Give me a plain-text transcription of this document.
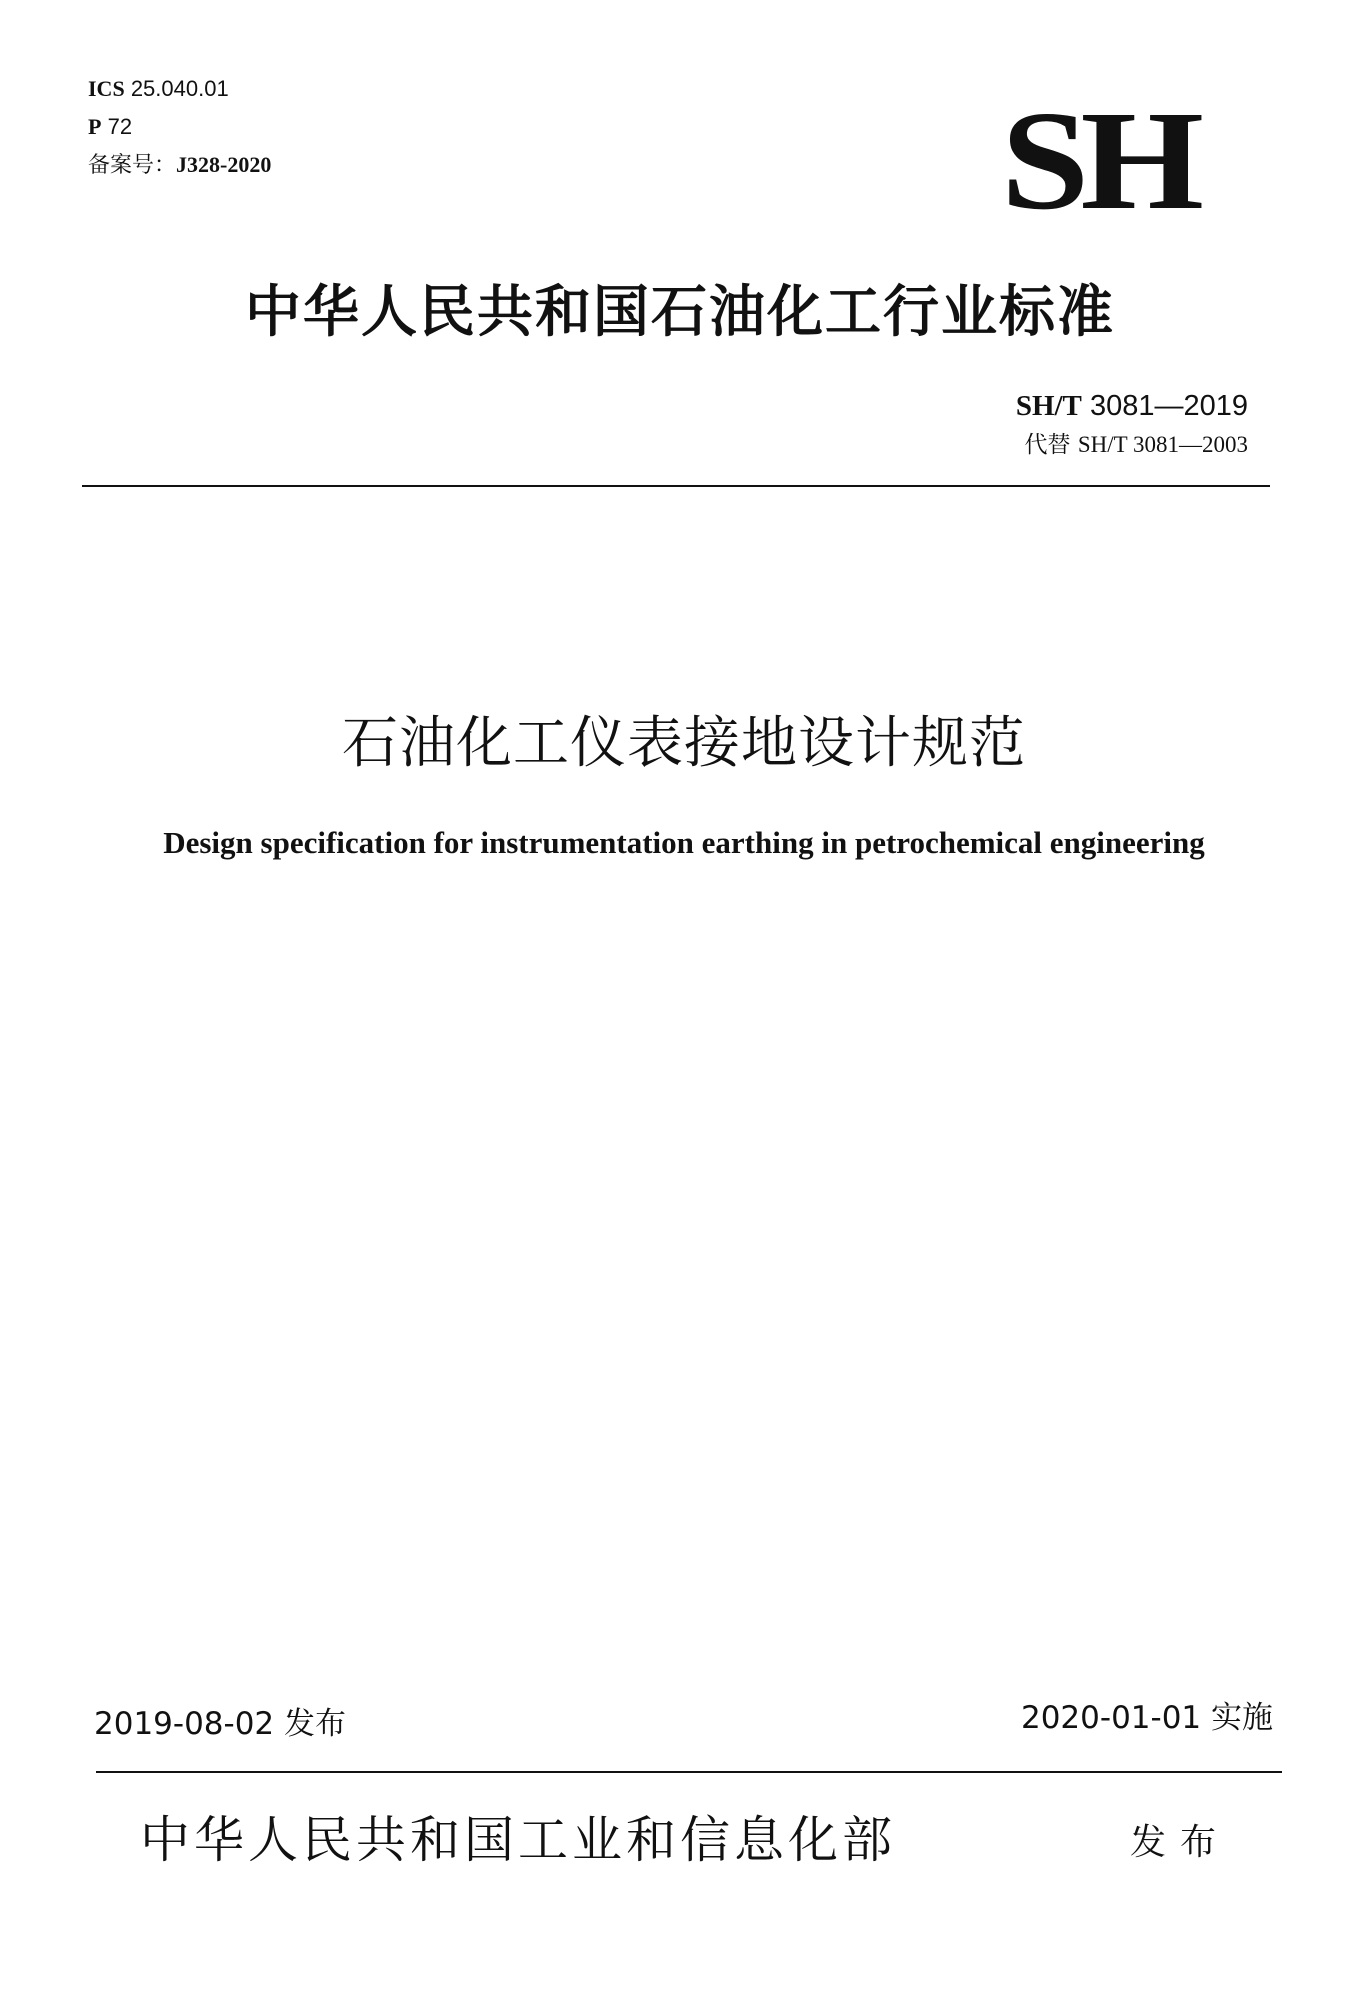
ICS 25.040.01
P 72
备案号：J328-2020	SH
中华人民共和国石油化工行业标准
SH/T 3081—2019
代替 SH/T 3081—2003
石油化工仪表接地设计规范
Design specification for instrumentation earthing in petrochemical engineering
2019-08-02 发布	2020-01-01 实施
中华人民共和国工业和信息化部	发布
